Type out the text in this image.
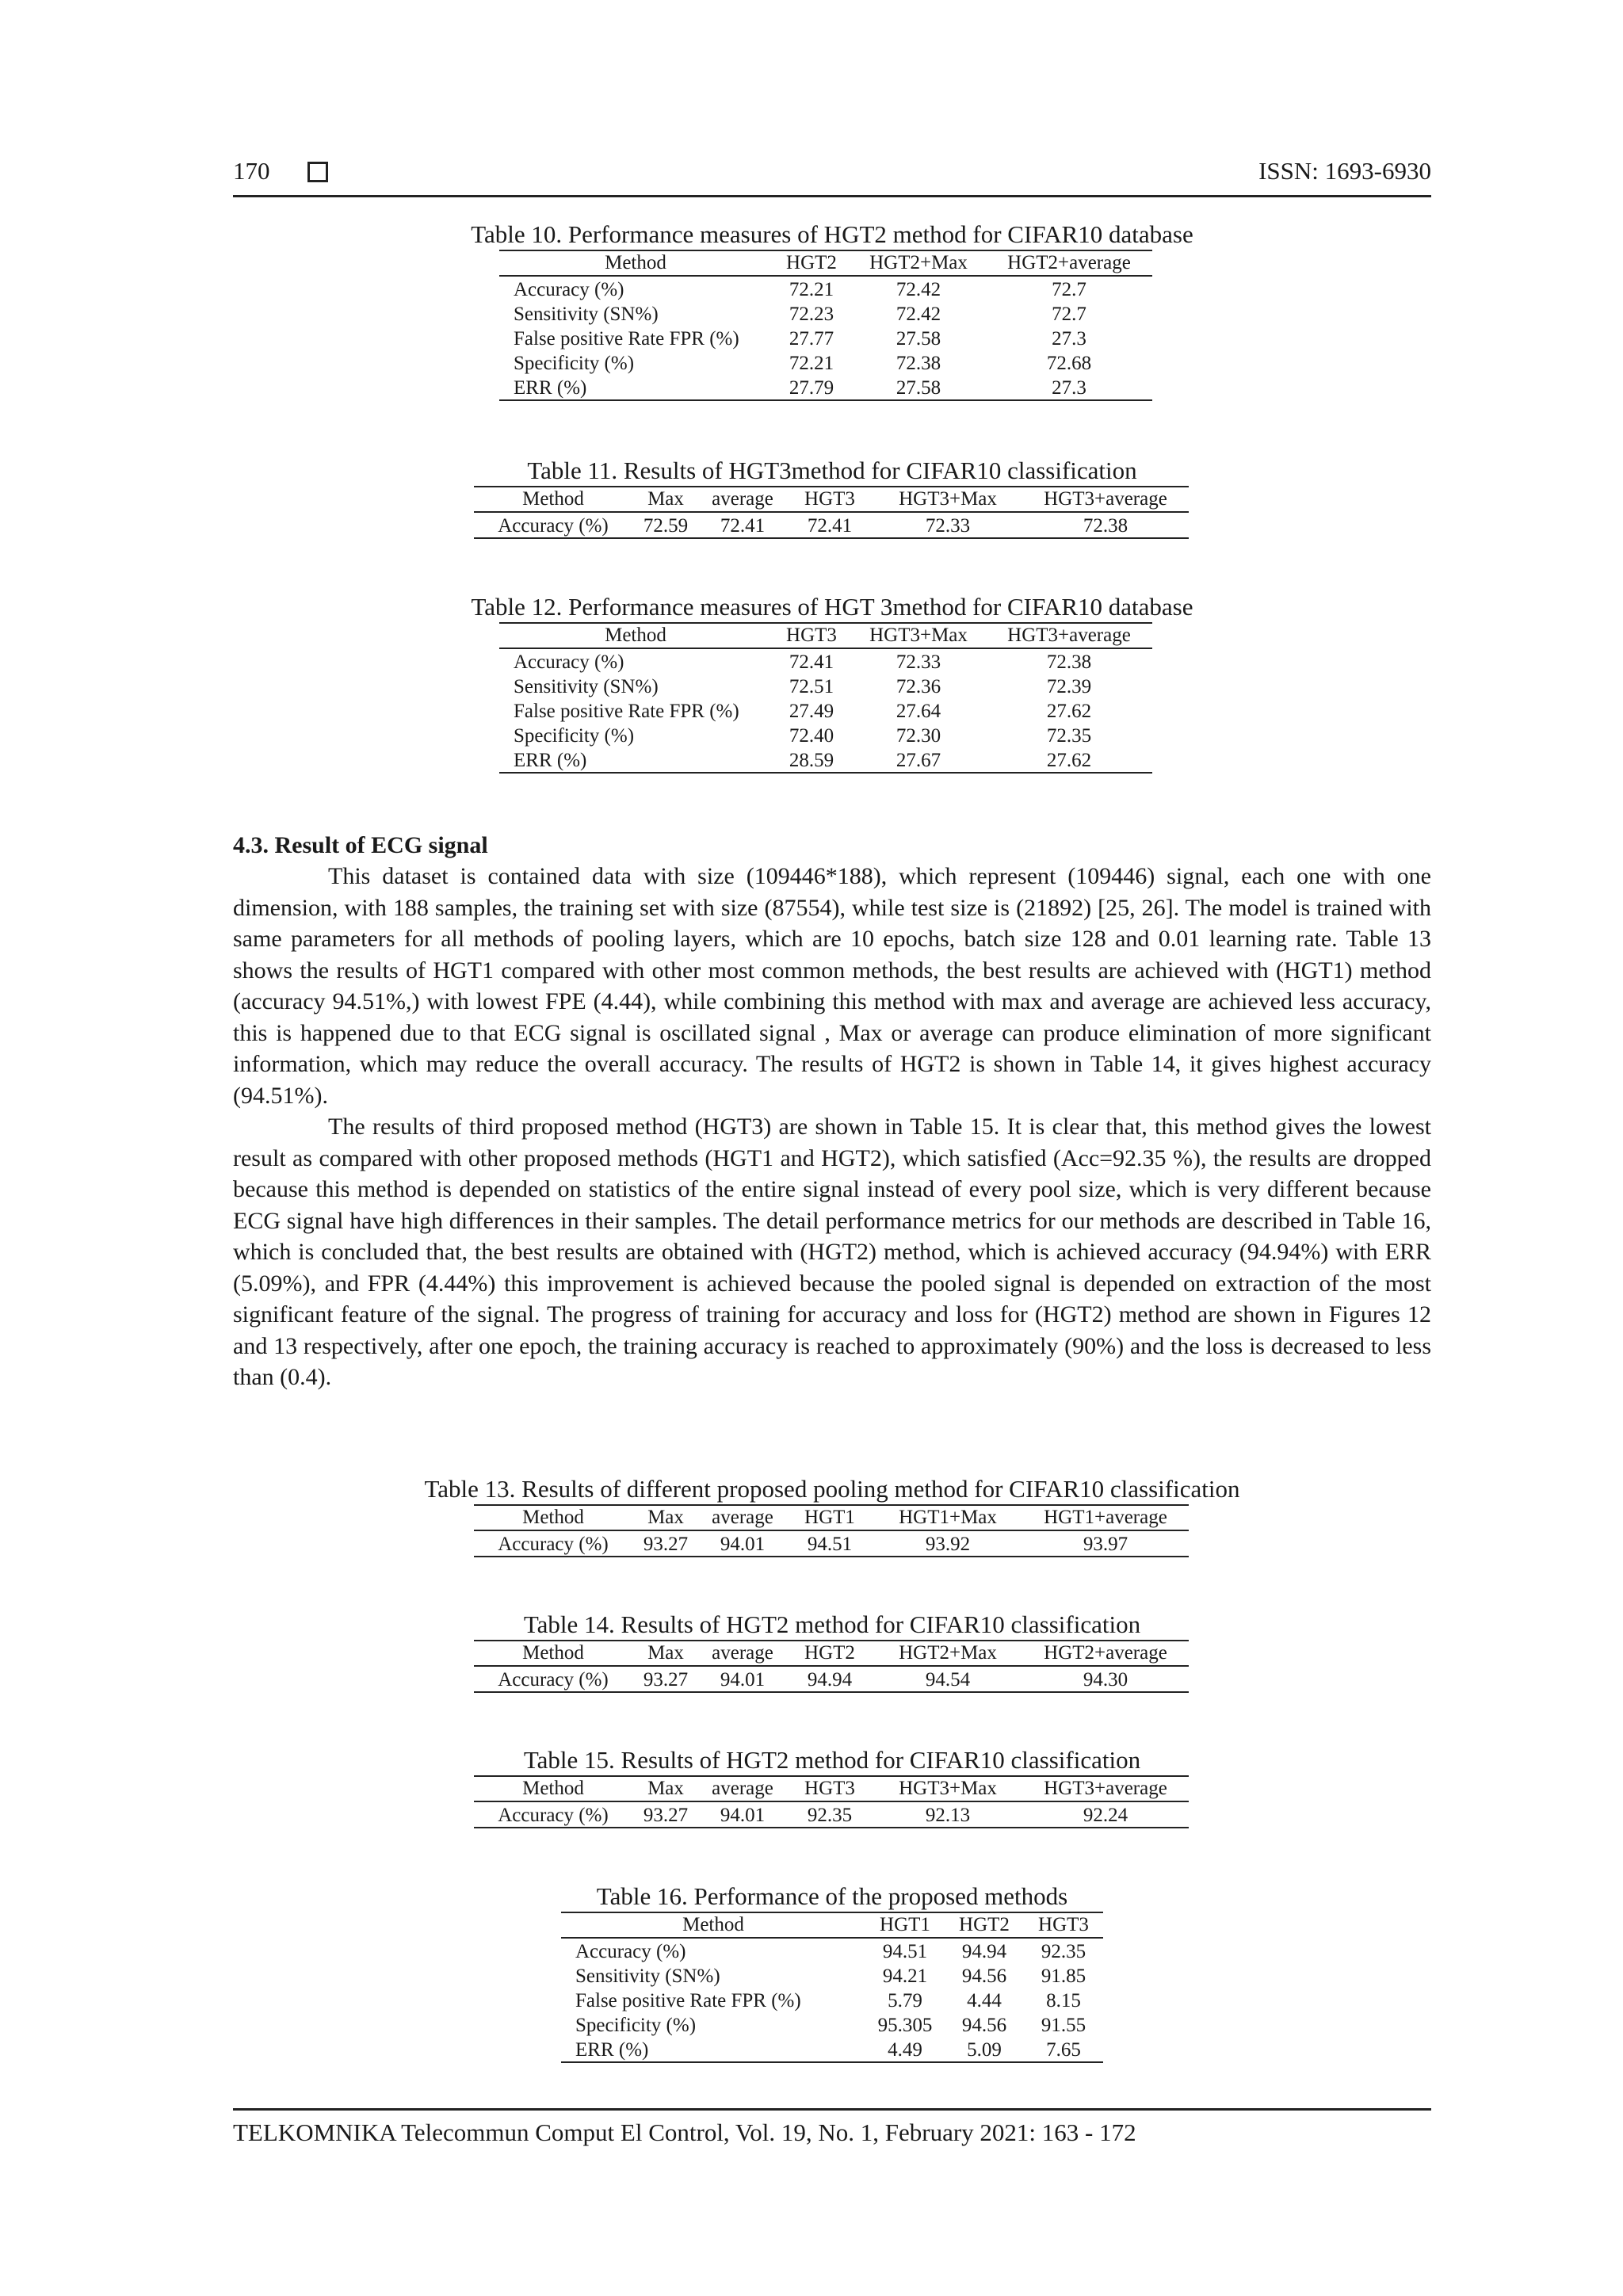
170	ISSN: 1693-6930
Table 10. Performance measures of HGT2 method for CIFAR10 database
Method	HGT2	HGT2+Max	HGT2+average
Accuracy (%)	72.21	72.42	72.7
Sensitivity (SN%)	72.23	72.42	72.7
False positive Rate FPR (%)	27.77	27.58	27.3
Specificity (%)	72.21	72.38	72.68
ERR (%)	27.79	27.58	27.3
Table 11. Results of HGT3method for CIFAR10 classification
Method	Max	average	HGT3	HGT3+Max	HGT3+average
Accuracy (%)	72.59	72.41	72.41	72.33	72.38
Table 12. Performance measures of HGT 3method for CIFAR10 database
Method	HGT3	HGT3+Max	HGT3+average
Accuracy (%)	72.41	72.33	72.38
Sensitivity (SN%)	72.51	72.36	72.39
False positive Rate FPR (%)	27.49	27.64	27.62
Specificity (%)	72.40	72.30	72.35
ERR (%)	28.59	27.67	27.62
4.3. Result of ECG signal

This dataset is contained data with size (109446*188), which represent (109446) signal, each one with one dimension, with 188 samples, the training set with size (87554), while test size is (21892) [25, 26]. The model is trained with same parameters for all methods of pooling layers, which are 10 epochs, batch size 128 and 0.01 learning rate. Table 13 shows the results of HGT1 compared with other most common methods, the best results are achieved with (HGT1) method (accuracy 94.51%,) with lowest FPE (4.44), while combining this method with max and average are achieved less accuracy, this is happened due to that ECG signal is oscillated signal , Max or average can produce elimination of more significant information, which may reduce the overall accuracy. The results of HGT2 is shown in Table 14, it gives highest accuracy (94.51%).

The results of third proposed method (HGT3) are shown in Table 15. It is clear that, this method gives the lowest result as compared with other proposed methods (HGT1 and HGT2), which satisfied (Acc=92.35 %), the results are dropped because this method is depended on statistics of the entire signal instead of every pool size, which is very different because ECG signal have high differences in their samples. The detail performance metrics for our methods are described in Table 16, which is concluded that, the best results are obtained with (HGT2) method, which is achieved accuracy (94.94%) with ERR (5.09%), and FPR (4.44%) this improvement is achieved because the pooled signal is depended on extraction of the most significant feature of the signal. The progress of training for accuracy and loss for (HGT2) method are shown in Figures 12 and 13 respectively, after one epoch, the training accuracy is reached to approximately (90%) and the loss is decreased to less than (0.4).

Table 13. Results of different proposed pooling method for CIFAR10 classification
Method	Max	average	HGT1	HGT1+Max	HGT1+average
Accuracy (%)	93.27	94.01	94.51	93.92	93.97
Table 14. Results of HGT2 method for CIFAR10 classification
Method	Max	average	HGT2	HGT2+Max	HGT2+average
Accuracy (%)	93.27	94.01	94.94	94.54	94.30
Table 15. Results of HGT2 method for CIFAR10 classification
Method	Max	average	HGT3	HGT3+Max	HGT3+average
Accuracy (%)	93.27	94.01	92.35	92.13	92.24
Table 16. Performance of the proposed methods
Method	HGT1	HGT2	HGT3
Accuracy (%)	94.51	94.94	92.35
Sensitivity (SN%)	94.21	94.56	91.85
False positive Rate FPR (%)	5.79	4.44	8.15
Specificity (%)	95.305	94.56	91.55
ERR (%)	4.49	5.09	7.65
TELKOMNIKA Telecommun Comput El Control, Vol. 19, No. 1, February 2021: 163 - 172
